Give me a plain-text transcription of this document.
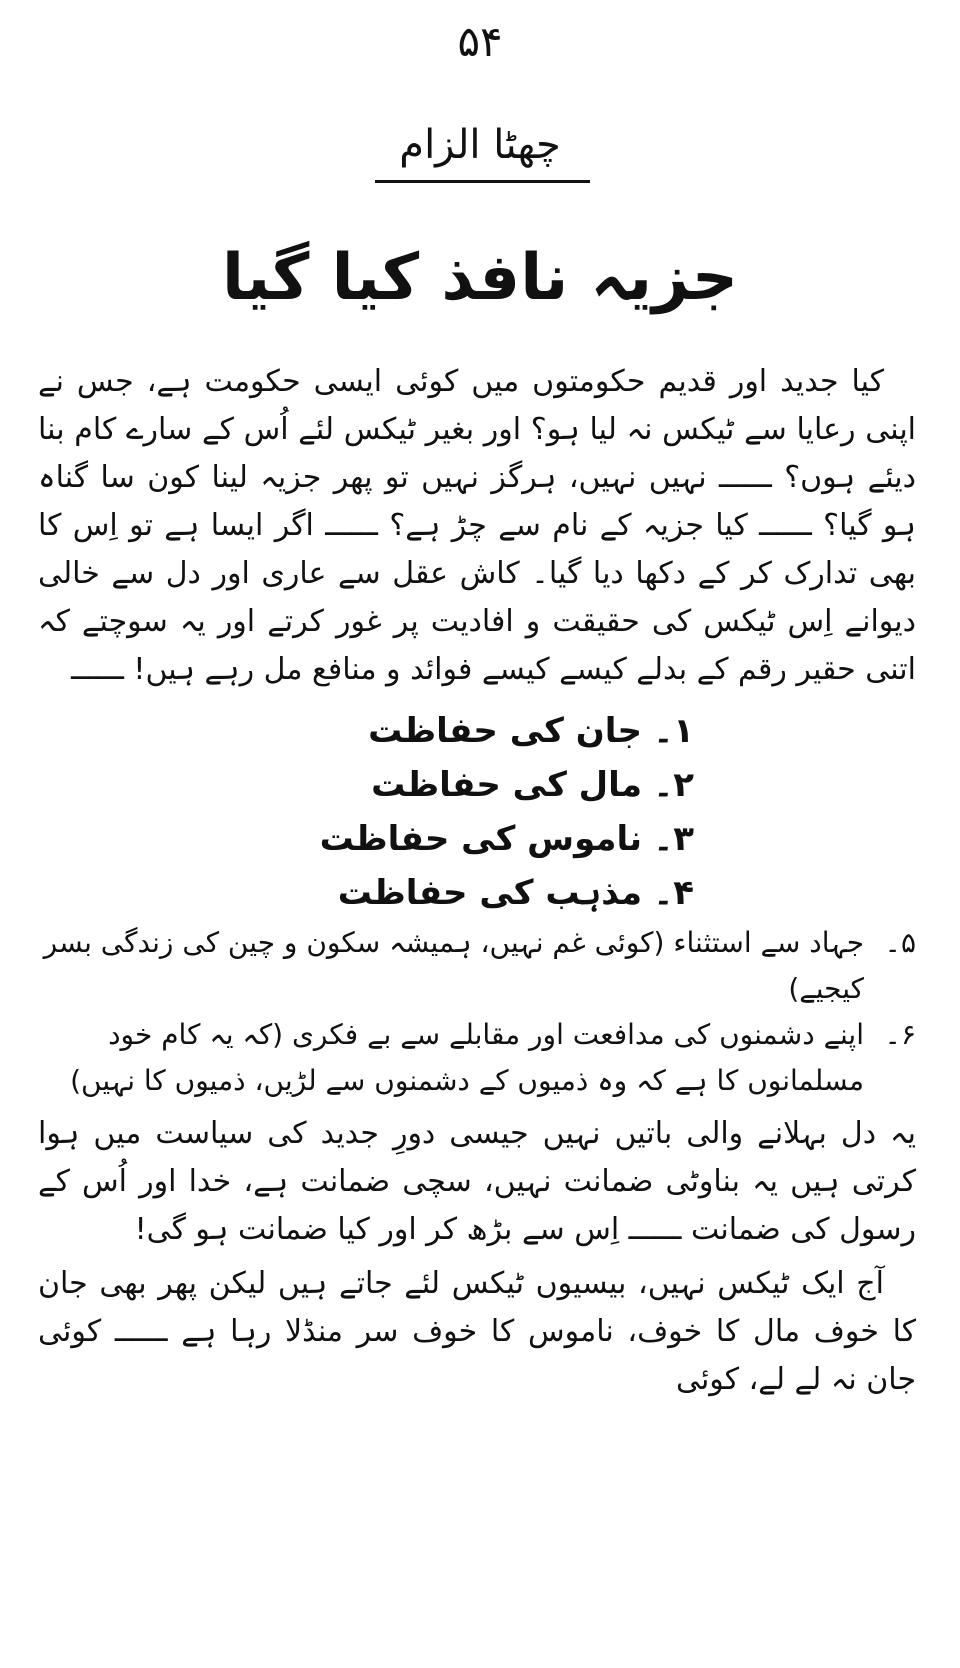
۵۴
چھٹا الزام
جزیہ نافذ کیا گیا

کیا جدید اور قدیم حکومتوں میں کوئی ایسی حکومت ہے، جس نے اپنی رعایا سے ٹیکس نہ لیا ہو؟ اور بغیر ٹیکس لئے اُس کے سارے کام بنا دیئے ہوں؟ ــــــ نہیں نہیں، ہرگز نہیں تو پھر جزیہ لینا کون سا گناہ ہو گیا؟ ــــــ کیا جزیہ کے نام سے چڑ ہے؟ ــــــ اگر ایسا ہے تو اِس کا بھی تدارک کر کے دکھا دیا گیا۔ کاش عقل سے عاری اور دل سے خالی دیوانے اِس ٹیکس کی حقیقت و افادیت پر غور کرتے اور یہ سوچتے کہ اتنی حقیر رقم کے بدلے کیسے کیسے فوائد و منافع مل رہے ہیں! ــــــ

۱۔
جان کی حفاظت
۲۔
مال کی حفاظت
۳۔
ناموس کی حفاظت
۴۔
مذہب کی حفاظت
۵۔
جہاد سے استثناء (کوئی غم نہیں، ہمیشہ سکون و چین کی زندگی بسر کیجیے)
۶۔
اپنے دشمنوں کی مدافعت اور مقابلے سے بے فکری (کہ یہ کام خود مسلمانوں کا ہے کہ وہ ذمیوں کے دشمنوں سے لڑیں، ذمیوں کا نہیں)

یہ دل بہلانے والی باتیں نہیں جیسی دورِ جدید کی سیاست میں ہوا کرتی ہیں یہ بناوٹی ضمانت نہیں، سچی ضمانت ہے، خدا اور اُس کے رسول کی ضمانت ــــــ اِس سے بڑھ کر اور کیا ضمانت ہو گی!

آج ایک ٹیکس نہیں، بیسیوں ٹیکس لئے جاتے ہیں لیکن پھر بھی جان کا خوف مال کا خوف، ناموس کا خوف سر منڈلا رہا ہے ــــــ کوئی جان نہ لے لے، کوئی
